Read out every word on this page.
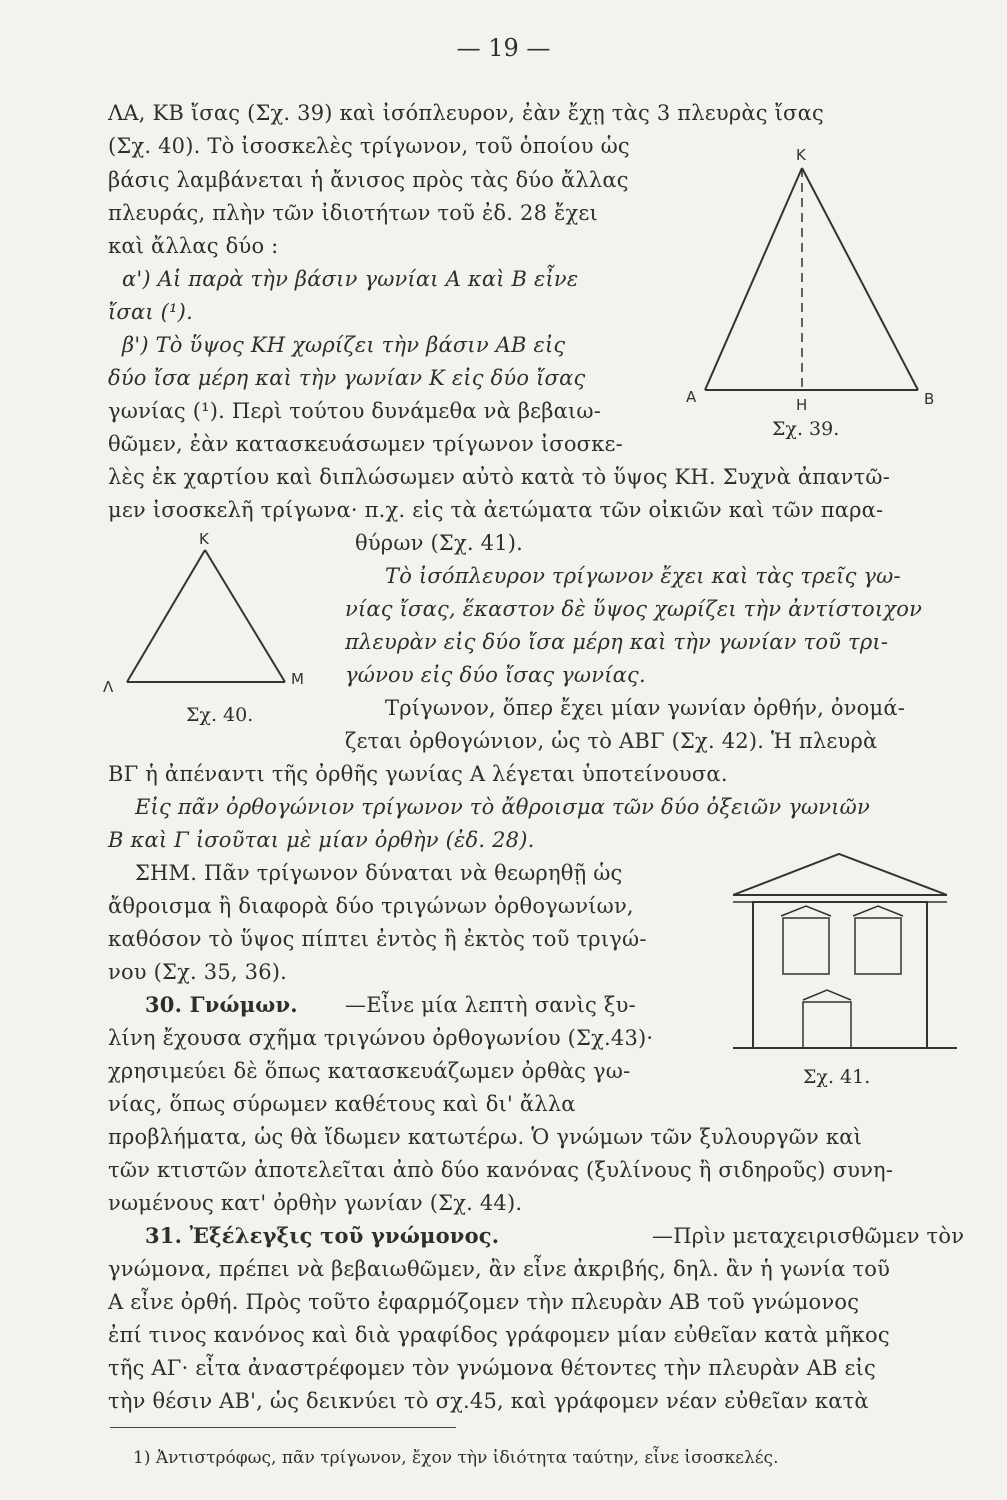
— 19 —
ΛΑ, ΚΒ ἴσας (Σχ. 39) καὶ ἰσόπλευρον, ἐὰν ἔχῃ τὰς 3 πλευρὰς ἴσας
(Σχ. 40). Τὸ ἰσοσκελὲς τρίγωνον, τοῦ ὁποίου ὡς
βάσις λαμβάνεται ἡ ἄνισος πρὸς τὰς δύο ἄλλας
πλευράς, πλὴν τῶν ἰδιοτήτων τοῦ ἐδ. 28 ἔχει
καὶ ἄλλας δύο :
α') Αἱ παρὰ τὴν βάσιν γωνίαι Α καὶ Β εἶνε
ἴσαι (¹).
β') Τὸ ὕψος ΚΗ χωρίζει τὴν βάσιν ΑΒ εἰς
δύο ἴσα μέρη καὶ τὴν γωνίαν Κ εἰς δύο ἴσας
γωνίας (¹). Περὶ τούτου δυνάμεθα νὰ βεβαιω-
θῶμεν, ἐὰν κατασκευάσωμεν τρίγωνον ἰσοσκε-
λὲς ἐκ χαρτίου καὶ διπλώσωμεν αὐτὸ κατὰ τὸ ὕψος ΚΗ. Συχνὰ ἀπαντῶ-
μεν ἰσοσκελῆ τρίγωνα· π.χ. εἰς τὰ ἀετώματα τῶν οἰκιῶν καὶ τῶν παρα-
θύρων (Σχ. 41).
Τὸ ἰσόπλευρον τρίγωνον ἔχει καὶ τὰς τρεῖς γω-
νίας ἴσας, ἕκαστον δὲ ὕψος χωρίζει τὴν ἀντίστοιχον
πλευρὰν εἰς δύο ἴσα μέρη καὶ τὴν γωνίαν τοῦ τρι-
γώνου εἰς δύο ἴσας γωνίας.
Τρίγωνον, ὅπερ ἔχει μίαν γωνίαν ὀρθήν, ὀνομά-
ζεται ὀρθογώνιον, ὡς τὸ ΑΒΓ (Σχ. 42). Ἡ πλευρὰ
ΒΓ ἡ ἀπέναντι τῆς ὀρθῆς γωνίας Α λέγεται ὑποτείνουσα.
Εἰς πᾶν ὀρθογώνιον τρίγωνον τὸ ἄθροισμα τῶν δύο ὀξειῶν γωνιῶν
Β καὶ Γ ἰσοῦται μὲ μίαν ὀρθὴν (ἐδ. 28).
ΣΗΜ. Πᾶν τρίγωνον δύναται νὰ θεωρηθῇ ὡς
ἄθροισμα ἢ διαφορὰ δύο τριγώνων ὀρθογωνίων,
καθόσον τὸ ὕψος πίπτει ἐντὸς ἢ ἐκτὸς τοῦ τριγώ-
νου (Σχ. 35, 36).
30. Γνώμων. —Εἶνε μία λεπτὴ σανὶς ξυ-
λίνη ἔχουσα σχῆμα τριγώνου ὀρθογωνίου (Σχ.43)·
χρησιμεύει δὲ ὅπως κατασκευάζωμεν ὀρθὰς γω-
νίας, ὅπως σύρωμεν καθέτους καὶ δι' ἄλλα
προβλήματα, ὡς θὰ ἴδωμεν κατωτέρω. Ὁ γνώμων τῶν ξυλουργῶν καὶ
τῶν κτιστῶν ἀποτελεῖται ἀπὸ δύο κανόνας (ξυλίνους ἢ σιδηροῦς) συνη-
νωμένους κατ' ὀρθὴν γωνίαν (Σχ. 44).
31. Ἐξέλεγξις τοῦ γνώμονος.	—Πρὶν μεταχειρισθῶμεν τὸν
γνώμονα, πρέπει νὰ βεβαιωθῶμεν, ἂν εἶνε ἀκριβής, δηλ. ἂν ἡ γωνία τοῦ
Α εἶνε ὀρθή. Πρὸς τοῦτο ἐφαρμόζομεν τὴν πλευρὰν ΑΒ τοῦ γνώμονος
ἐπί τινος κανόνος καὶ διὰ γραφίδος γράφομεν μίαν εὐθεῖαν κατὰ μῆκος
τῆς ΑΓ· εἶτα ἀναστρέφομεν τὸν γνώμονα θέτοντες τὴν πλευρὰν ΑΒ εἰς
τὴν θέσιν ΑΒ', ὡς δεικνύει τὸ σχ.45, καὶ γράφομεν νέαν εὐθεῖαν κατὰ
Κ
Α	Β
Η
Σχ. 39.
Κ
Λ	Μ
Σχ. 40.
Σχ. 41.
1) Ἀντιστρόφως, πᾶν τρίγωνον, ἔχον τὴν ἰδιότητα ταύτην, εἶνε ἰσοσκελές.
